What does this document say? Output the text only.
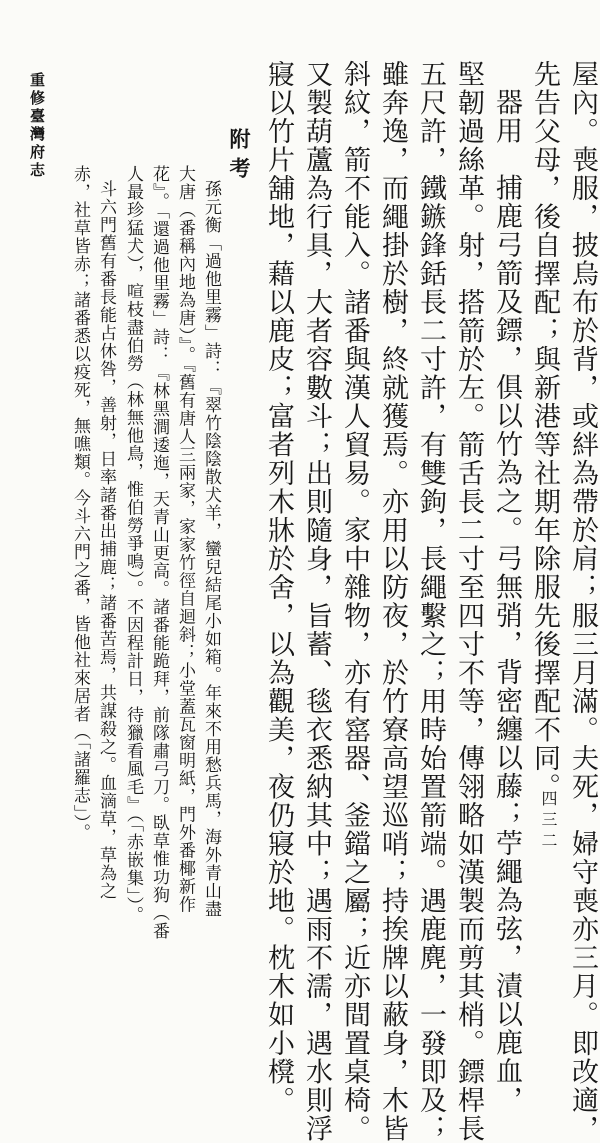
屋內。喪服，披烏布於背，或絆為帶於肩；服三月滿。夫死，婦守喪亦三月。即改適，

先告父母，後自擇配；與新港等社期年除服先後擇配不同。

器用　捕鹿弓箭及鏢，俱以竹為之。弓無弰，背密纏以藤；苧繩為弦，漬以鹿血，

堅韌過絲革。射，搭箭於左。箭舌長二寸至四寸不等，傳翎略如漢製而剪其梢。鏢桿長

五尺許，鐵鏃鋒銛長二寸許，有雙鉤，長繩繫之；用時始置箭端。遇鹿麂，一發即及；

雖奔逸，而繩掛於樹，終就獲焉。亦用以防夜，於竹寮高望巡哨；持挨牌以蔽身，木皆

斜紋，箭不能入。諸番與漢人貿易。家中雜物，亦有窰器、釜鐺之屬；近亦間置桌椅。

又製葫蘆為行具，大者容數斗；出則隨身，旨蓄、毯衣悉納其中；遇雨不濡，遇水則浮

寢以竹片舖地，藉以鹿皮；富者列木牀於舍，以為觀美，夜仍寢於地。枕木如小櫈。

附考

孫元衡「過他里霧」詩：『翠竹陰陰散犬羊，蠻兒結尾小如箱。年來不用愁兵馬，海外青山盡

大唐（番稱內地為唐）』。『舊有唐人三兩家，家家竹徑自迴斜；小堂蓋瓦窗明紙，門外番椰新作

花』。「還過他里霧」詩：『林黑澗逶迤，天青山更高。諸番能跪拜，前隊肅弓刀。臥草惟功狗（番

人最珍猛犬），喧枝盡伯勞（林無他鳥，惟伯勞爭鳴）。不因程計日，待獵看風毛』（「赤嵌集」）。

斗六門舊有番長能占休咎，善射，日率諸番出捕鹿；諸番苦焉，共謀殺之。血滴草，草為之

赤，社草皆赤；諸番悉以疫死，無噍類。今斗六門之番，皆他社來居者（「諸羅志」）。

重修臺灣府志

四三二
